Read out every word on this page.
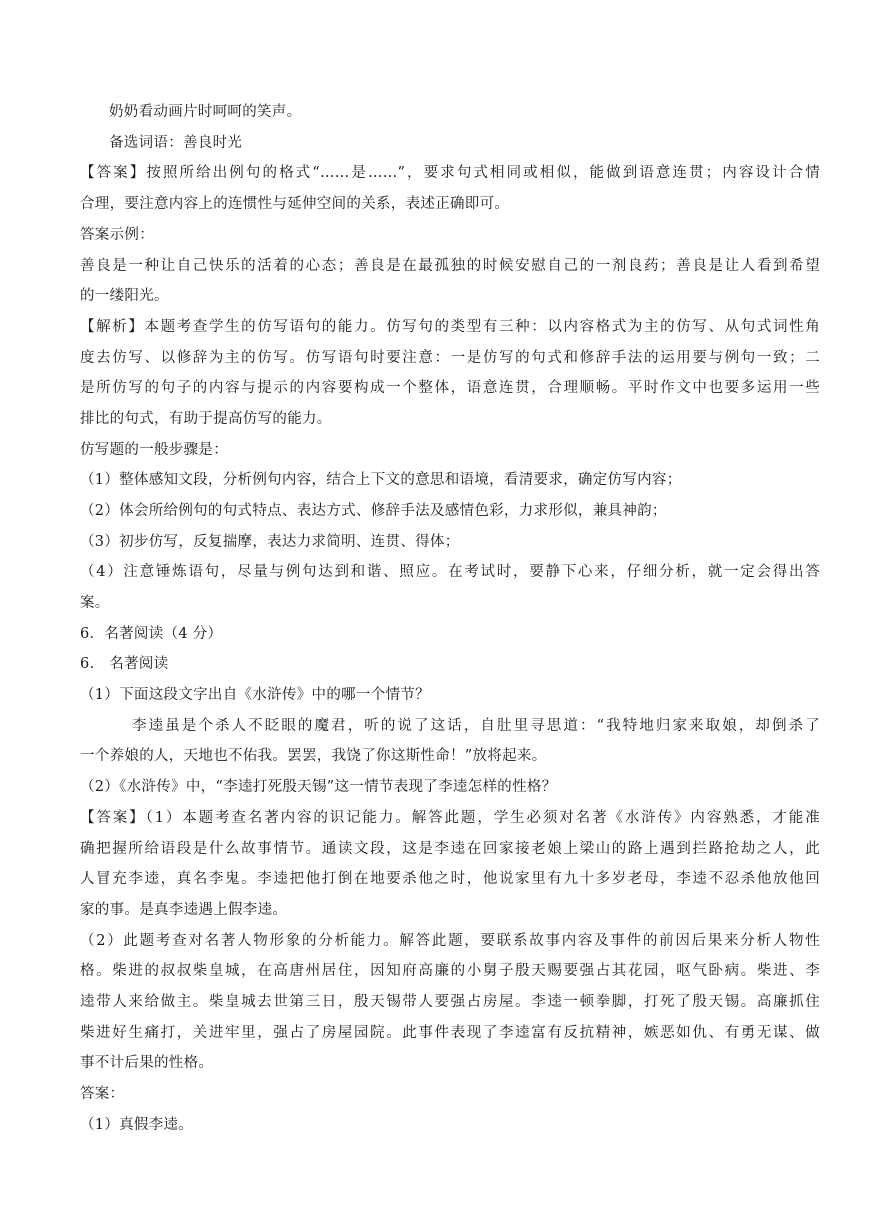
奶奶看动画片时呵呵的笑声。
备选词语：善良时光
【答案】按照所给出例句的格式“……是……”，要求句式相同或相似，能做到语意连贯；内容设计合情
合理，要注意内容上的连惯性与延伸空间的关系，表述正确即可。
答案示例：
善良是一种让自己快乐的活着的心态；善良是在最孤独的时候安慰自己的一剂良药；善良是让人看到希望
的一缕阳光。
【解析】本题考查学生的仿写语句的能力。仿写句的类型有三种：以内容格式为主的仿写、从句式词性角
度去仿写、以修辞为主的仿写。仿写语句时要注意：一是仿写的句式和修辞手法的运用要与例句一致；二
是所仿写的句子的内容与提示的内容要构成一个整体，语意连贯，合理顺畅。平时作文中也要多运用一些
排比的句式，有助于提高仿写的能力。
仿写题的一般步骤是：
（1）整体感知文段，分析例句内容，结合上下文的意思和语境，看清要求，确定仿写内容；
（2）体会所给例句的句式特点、表达方式、修辞手法及感情色彩，力求形似，兼具神韵；
（3）初步仿写，反复揣摩，表达力求简明、连贯、得体；
（4）注意锤炼语句，尽量与例句达到和谐、照应。在考试时，要静下心来，仔细分析，就一定会得出答
案。
6．名著阅读（4 分）
6.　名著阅读
（1）下面这段文字出自《水浒传》中的哪一个情节？
李逵虽是个杀人不眨眼的魔君，听的说了这话，自肚里寻思道：“我特地归家来取娘，却倒杀了
一个养娘的人，天地也不佑我。罢罢，我饶了你这斯性命！”放将起来。
（2）《水浒传》中，“李逵打死殷天锡”这一情节表现了李逵怎样的性格？
【答案】（1）本题考查名著内容的识记能力。解答此题，学生必须对名著《水浒传》内容熟悉，才能准
确把握所给语段是什么故事情节。通读文段，这是李逵在回家接老娘上梁山的路上遇到拦路抢劫之人，此
人冒充李逵，真名李鬼。李逵把他打倒在地要杀他之时，他说家里有九十多岁老母，李逵不忍杀他放他回
家的事。是真李逵遇上假李逵。
（2）此题考查对名著人物形象的分析能力。解答此题，要联系故事内容及事件的前因后果来分析人物性
格。柴进的叔叔柴皇城，在高唐州居住，因知府高廉的小舅子殷天赐要强占其花园，呕气卧病。柴进、李
逵带人来给做主。柴皇城去世第三日，殷天锡带人要强占房屋。李逵一顿拳脚，打死了殷天锡。高廉抓住
柴进好生痛打，关进牢里，强占了房屋园院。此事件表现了李逵富有反抗精神，嫉恶如仇、有勇无谋、做
事不计后果的性格。
答案：
（1）真假李逵。
